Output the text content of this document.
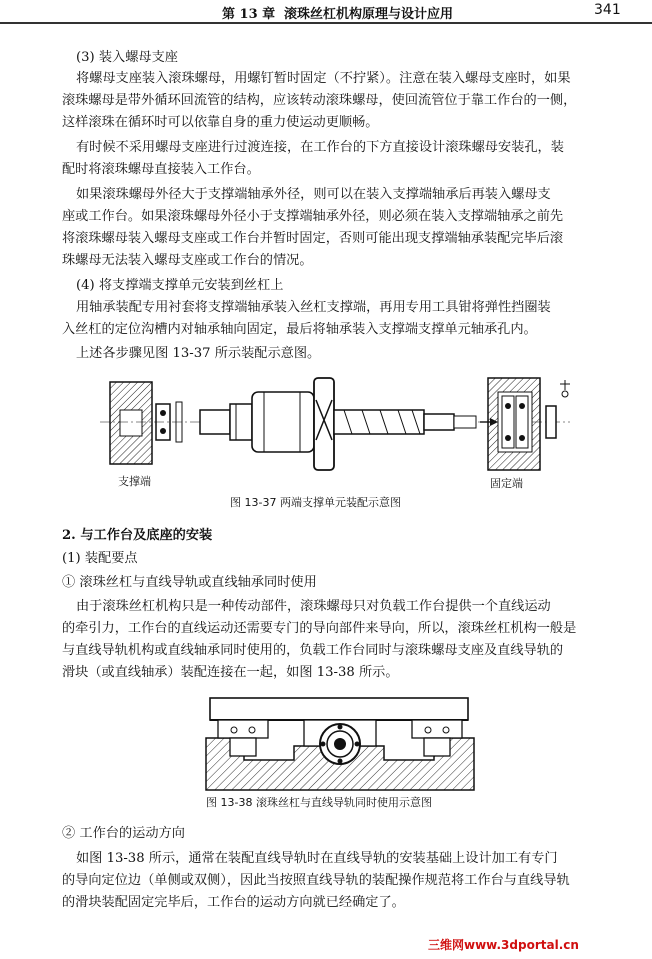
第 13 章 滚珠丝杠机构原理与设计应用	341
(3) 装入螺母支座
将螺母支座装入滚珠螺母，用螺钉暂时固定（不拧紧）。注意在装入螺母支座时，如果
滚珠螺母是带外循环回流管的结构，应该转动滚珠螺母，使回流管位于靠工作台的一侧，
这样滚珠在循环时可以依靠自身的重力使运动更顺畅。
有时候不采用螺母支座进行过渡连接，在工作台的下方直接设计滚珠螺母安装孔，装
配时将滚珠螺母直接装入工作台。
如果滚珠螺母外径大于支撑端轴承外径，则可以在装入支撑端轴承后再装入螺母支
座或工作台。如果滚珠螺母外径小于支撑端轴承外径，则必须在装入支撑端轴承之前先
将滚珠螺母装入螺母支座或工作台并暂时固定，否则可能出现支撑端轴承装配完毕后滚
珠螺母无法装入螺母支座或工作台的情况。
(4) 将支撑端支撑单元安装到丝杠上
用轴承装配专用衬套将支撑端轴承装入丝杠支撑端，再用专用工具钳将弹性挡圈装
入丝杠的定位沟槽内对轴承轴向固定，最后将轴承装入支撑端支撑单元轴承孔内。
上述各步骤见图 13-37 所示装配示意图。
支撑端	固定端
图 13-37 两端支撑单元装配示意图
2. 与工作台及底座的安装
(1) 装配要点
① 滚珠丝杠与直线导轨或直线轴承同时使用
由于滚珠丝杠机构只是一种传动部件，滚珠螺母只对负载工作台提供一个直线运动
的牵引力，工作台的直线运动还需要专门的导向部件来导向，所以，滚珠丝杠机构一般是
与直线导轨机构或直线轴承同时使用的，负载工作台同时与滚珠螺母支座及直线导轨的
滑块（或直线轴承）装配连接在一起，如图 13-38 所示。
图 13-38 滚珠丝杠与直线导轨同时使用示意图
② 工作台的运动方向
如图 13-38 所示，通常在装配直线导轨时在直线导轨的安装基础上设计加工有专门
的导向定位边（单侧或双侧），因此当按照直线导轨的装配操作规范将工作台与直线导轨
的滑块装配固定完毕后，工作台的运动方向就已经确定了。
三维网www.3dportal.cn
